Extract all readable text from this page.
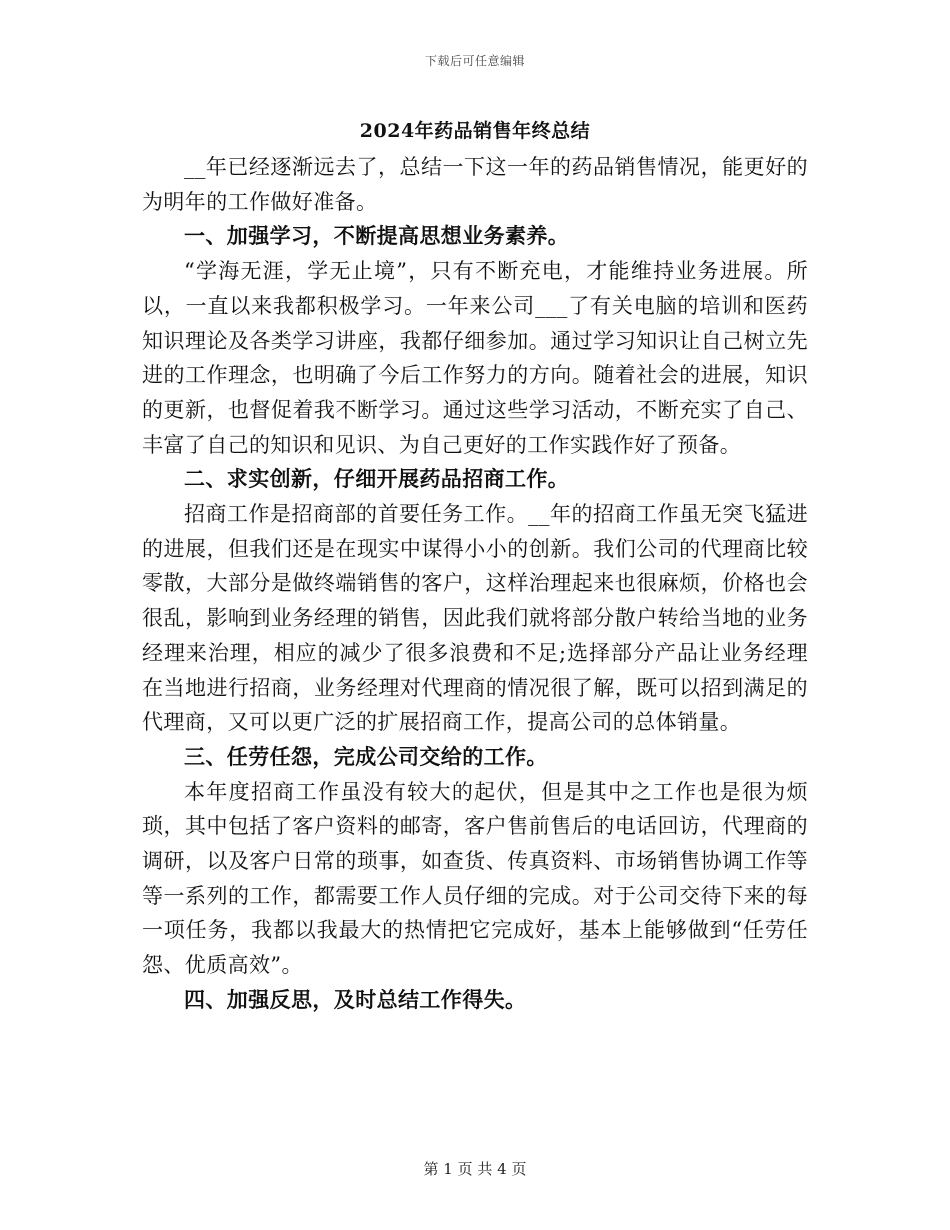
下载后可任意编辑
2024年药品销售年终总结

__年已经逐渐远去了，总结一下这一年的药品销售情况，能更好的为明年的工作做好准备。

一、加强学习，不断提高思想业务素养。

“学海无涯，学无止境”，只有不断充电，才能维持业务进展。所以，一直以来我都积极学习。一年来公司___了有关电脑的培训和医药知识理论及各类学习讲座，我都仔细参加。通过学习知识让自己树立先进的工作理念，也明确了今后工作努力的方向。随着社会的进展，知识的更新，也督促着我不断学习。通过这些学习活动，不断充实了自己、丰富了自己的知识和见识、为自己更好的工作实践作好了预备。

二、求实创新，仔细开展药品招商工作。

招商工作是招商部的首要任务工作。__年的招商工作虽无突飞猛进的进展，但我们还是在现实中谋得小小的创新。我们公司的代理商比较零散，大部分是做终端销售的客户，这样治理起来也很麻烦，价格也会很乱，影响到业务经理的销售，因此我们就将部分散户转给当地的业务经理来治理，相应的减少了很多浪费和不足;选择部分产品让业务经理在当地进行招商，业务经理对代理商的情况很了解，既可以招到满足的代理商，又可以更广泛的扩展招商工作，提高公司的总体销量。

三、任劳任怨，完成公司交给的工作。

本年度招商工作虽没有较大的起伏，但是其中之工作也是很为烦琐，其中包括了客户资料的邮寄，客户售前售后的电话回访，代理商的调研，以及客户日常的琐事，如查货、传真资料、市场销售协调工作等等一系列的工作，都需要工作人员仔细的完成。对于公司交待下来的每一项任务，我都以我最大的热情把它完成好，基本上能够做到“任劳任怨、优质高效”。

四、加强反思，及时总结工作得失。

第 1 页 共 4 页
